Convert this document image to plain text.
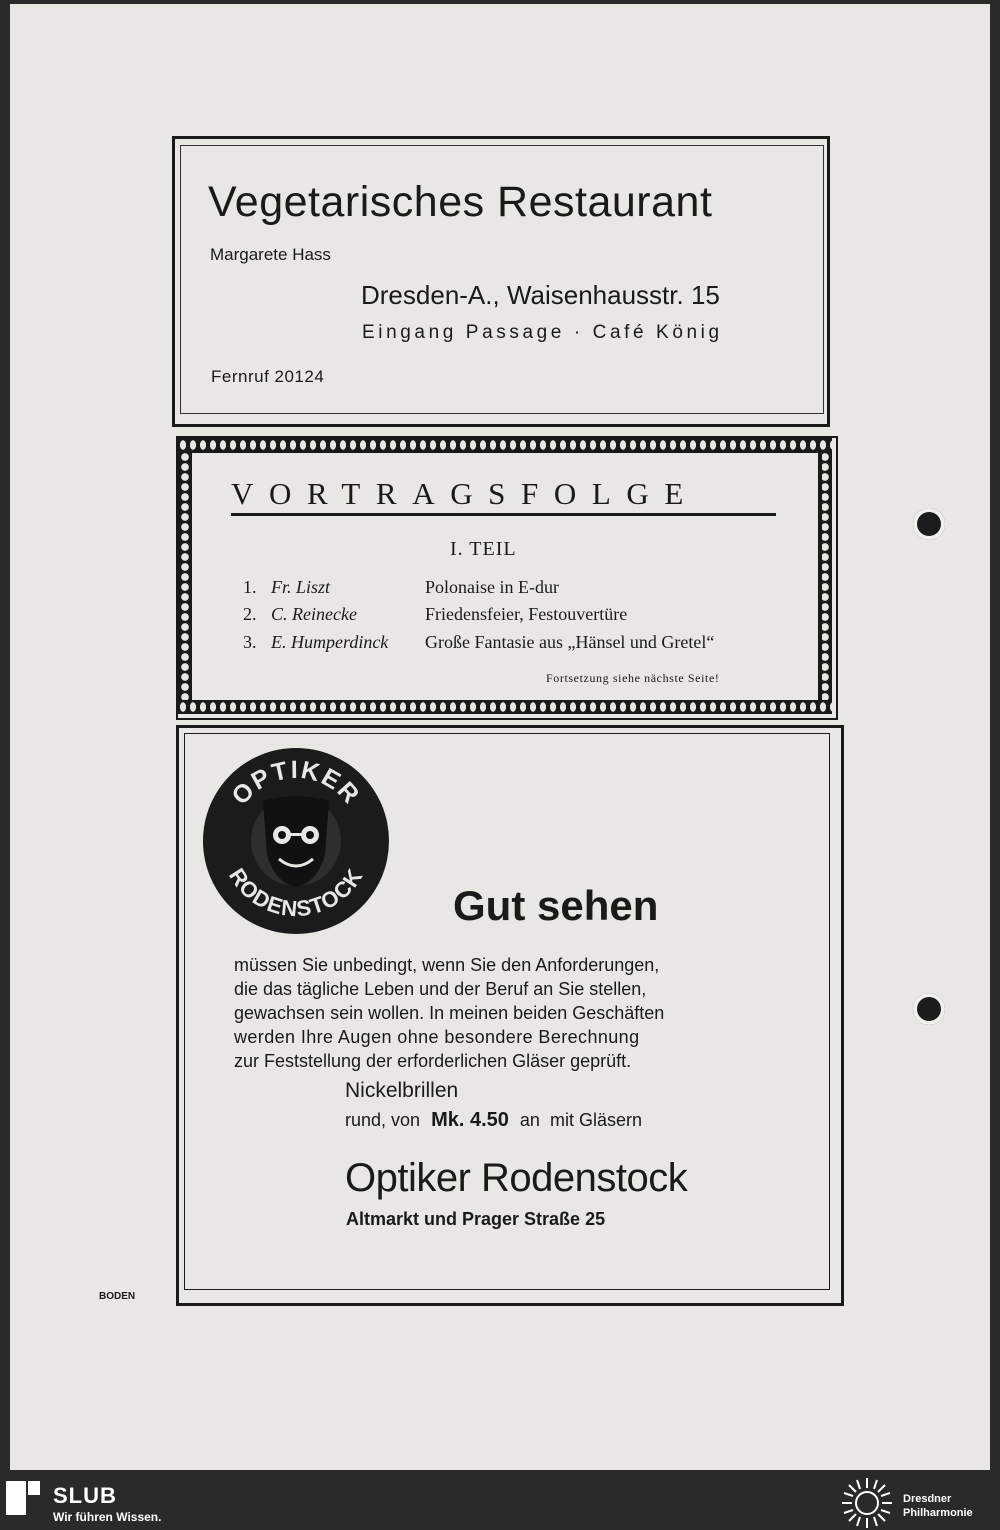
Vegetarisches Restaurant
Margarete Hass
Dresden-A., Waisenhausstr. 15
Eingang Passage · Café König
Fernruf 20124
VORTRAGSFOLGE
I. TEIL
1. Fr. Liszt	Polonaise in E-dur
2. C. Reinecke	Friedensfeier, Festouvertüre
3. E. Humperdinck Große Fantasie aus „Hänsel und Gretel“
Fortsetzung siehe nächste Seite!
OPTIKER
RODENSTOCK
Gut sehen
müssen Sie unbedingt, wenn Sie den Anforderungen,
die das tägliche Leben und der Beruf an Sie stellen,
gewachsen sein wollen. In meinen beiden Geschäften
werden Ihre Augen ohne besondere Berechnung
zur Feststellung der erforderlichen Gläser geprüft.
Nickelbrillen
rund, von Mk. 4.50 an  mit Gläsern
Optiker Rodenstock
Altmarkt und Prager Straße 25
BODEN
SLUB
Wir führen Wissen.
Dresdner
Philharmonie
